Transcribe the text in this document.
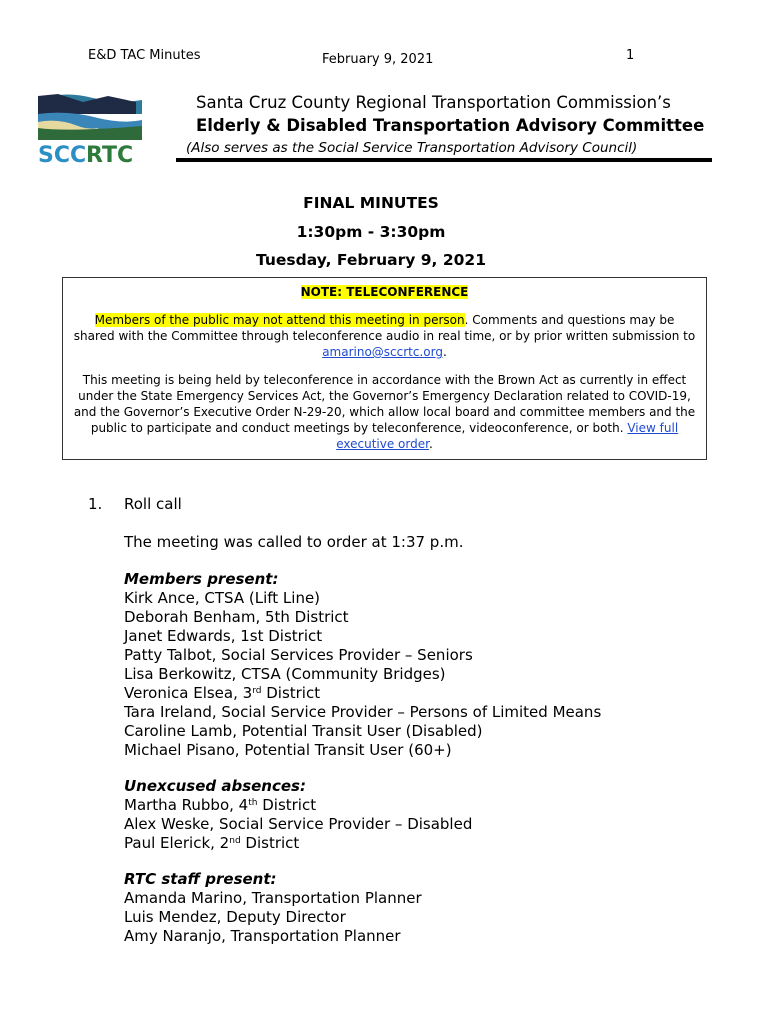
E&D TAC Minutes	February 9, 2021	1
SCC RTC
Santa Cruz County Regional Transportation Commission’s
Elderly & Disabled Transportation Advisory Committee
(Also serves as the Social Service Transportation Advisory Council)
FINAL MINUTES
1:30pm - 3:30pm
Tuesday, February 9, 2021
NOTE: TELECONFERENCE
Members of the public may not attend this meeting in person. Comments and questions may be shared with the Committee through teleconference audio in real time, or by prior written submission to amarino@sccrtc.org.
This meeting is being held by teleconference in accordance with the Brown Act as currently in effect under the State Emergency Services Act, the Governor’s Emergency Declaration related to COVID-19, and the Governor’s Executive Order N-29-20, which allow local board and committee members and the public to participate and conduct meetings by teleconference, videoconference, or both. View full executive order.
1. Roll call
The meeting was called to order at 1:37 p.m.
Members present:
Kirk Ance, CTSA (Lift Line)
Deborah Benham, 5th District
Janet Edwards, 1st District
Patty Talbot, Social Services Provider – Seniors
Lisa Berkowitz, CTSA (Community Bridges)
Veronica Elsea, 3rd District
Tara Ireland, Social Service Provider – Persons of Limited Means
Caroline Lamb, Potential Transit User (Disabled)
Michael Pisano, Potential Transit User (60+)
Unexcused absences:
Martha Rubbo, 4th District
Alex Weske, Social Service Provider – Disabled
Paul Elerick, 2nd District
RTC staff present:
Amanda Marino, Transportation Planner
Luis Mendez, Deputy Director
Amy Naranjo, Transportation Planner
